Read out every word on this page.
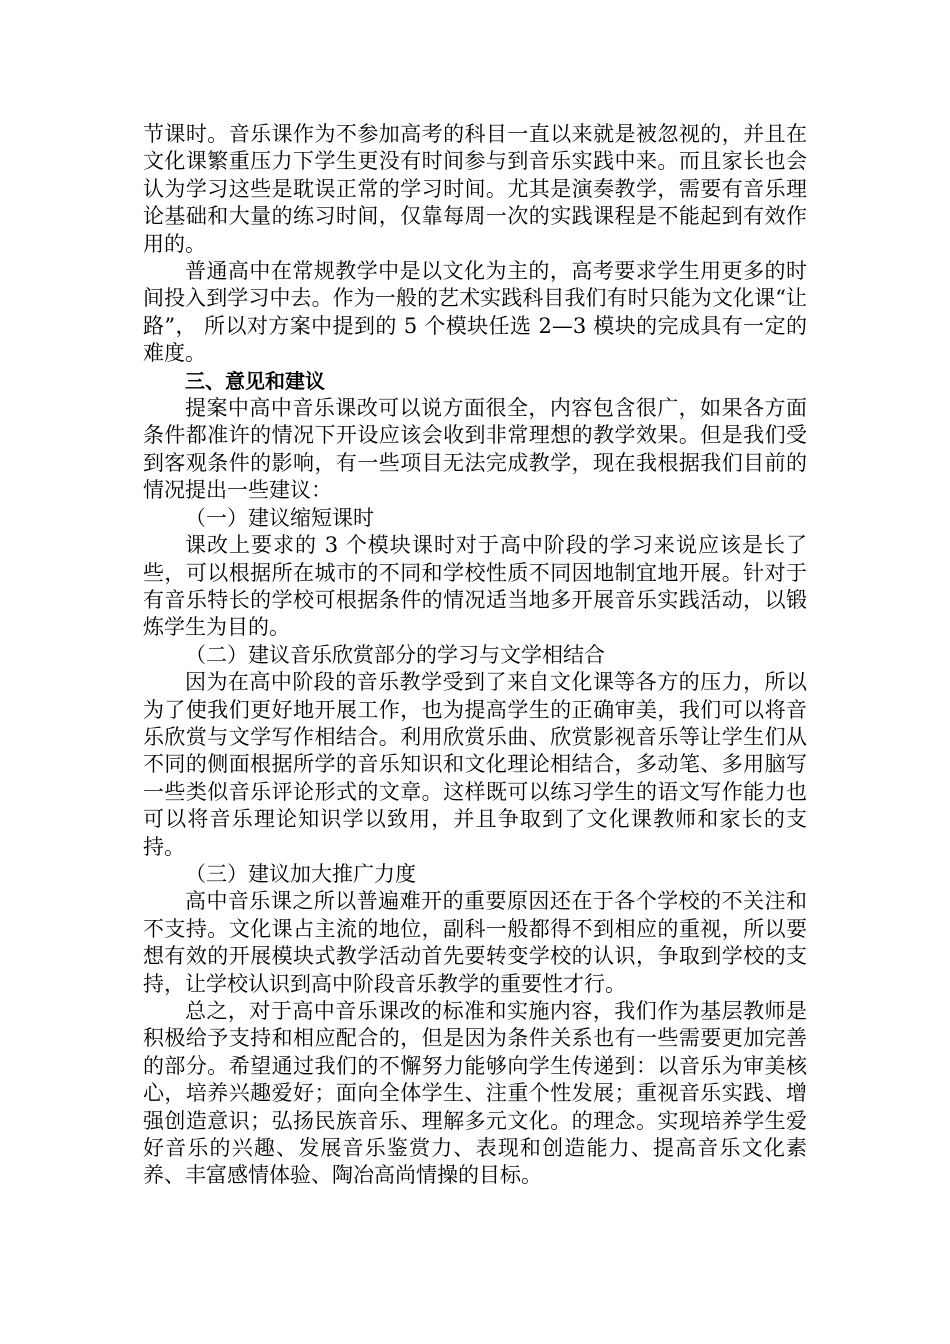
节课时。音乐课作为不参加高考的科目一直以来就是被忽视的，并且在文化课繁重压力下学生更没有时间参与到音乐实践中来。而且家长也会认为学习这些是耽误正常的学习时间。尤其是演奏教学，需要有音乐理论基础和大量的练习时间，仅靠每周一次的实践课程是不能起到有效作用的。

普通高中在常规教学中是以文化为主的，高考要求学生用更多的时间投入到学习中去。作为一般的艺术实践科目我们有时只能为文化课“让路”， 所以对方案中提到的 5 个模块任选 2—3 模块的完成具有一定的难度。

三、意见和建议

提案中高中音乐课改可以说方面很全，内容包含很广，如果各方面条件都准许的情况下开设应该会收到非常理想的教学效果。但是我们受到客观条件的影响，有一些项目无法完成教学，现在我根据我们目前的情况提出一些建议：

（一）建议缩短课时

课改上要求的 3 个模块课时对于高中阶段的学习来说应该是长了些，可以根据所在城市的不同和学校性质不同因地制宜地开展。针对于有音乐特长的学校可根据条件的情况适当地多开展音乐实践活动，以锻炼学生为目的。

（二）建议音乐欣赏部分的学习与文学相结合

因为在高中阶段的音乐教学受到了来自文化课等各方的压力，所以为了使我们更好地开展工作，也为提高学生的正确审美，我们可以将音乐欣赏与文学写作相结合。利用欣赏乐曲、欣赏影视音乐等让学生们从不同的侧面根据所学的音乐知识和文化理论相结合，多动笔、多用脑写一些类似音乐评论形式的文章。这样既可以练习学生的语文写作能力也可以将音乐理论知识学以致用，并且争取到了文化课教师和家长的支持。

（三）建议加大推广力度

高中音乐课之所以普遍难开的重要原因还在于各个学校的不关注和不支持。文化课占主流的地位，副科一般都得不到相应的重视，所以要想有效的开展模块式教学活动首先要转变学校的认识，争取到学校的支持，让学校认识到高中阶段音乐教学的重要性才行。

总之，对于高中音乐课改的标准和实施内容，我们作为基层教师是积极给予支持和相应配合的，但是因为条件关系也有一些需要更加完善的部分。希望通过我们的不懈努力能够向学生传递到：以音乐为审美核心，培养兴趣爱好；面向全体学生、注重个性发展；重视音乐实践、增强创造意识；弘扬民族音乐、理解多元文化。的理念。实现培养学生爱好音乐的兴趣、发展音乐鉴赏力、表现和创造能力、提高音乐文化素养、丰富感情体验、陶冶高尚情操的目标。
